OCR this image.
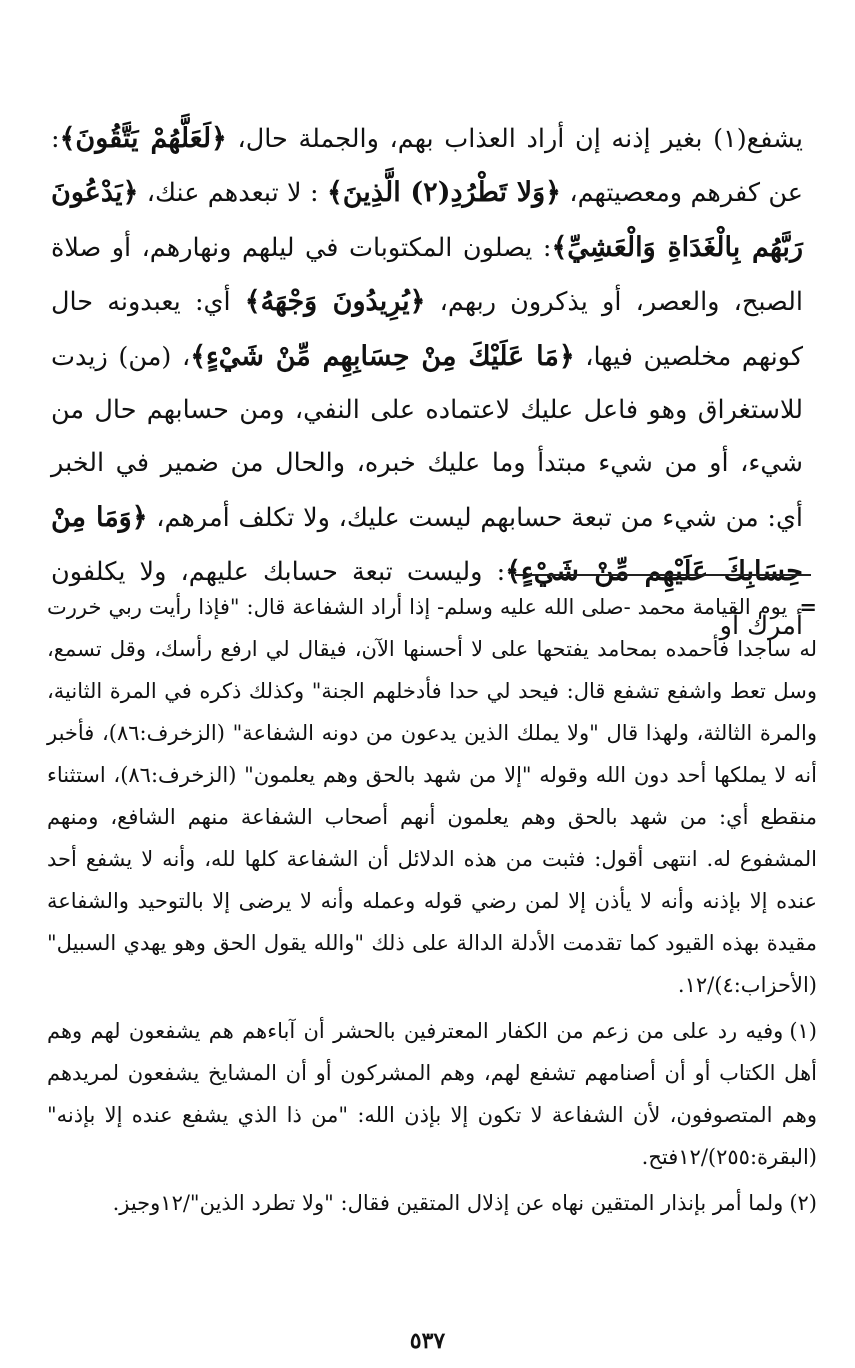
يشفع(١) بغير إذنه إن أراد العذاب بهم، والجملة حال، ﴿لَعَلَّهُمْ يَتَّقُونَ﴾: عن كفرهم ومعصيتهم، ﴿وَلا تَطْرُدِ(٢) الَّذِينَ﴾ : لا تبعدهم عنك، ﴿يَدْعُونَ رَبَّهُم بِالْغَدَاةِ وَالْعَشِيِّ﴾: يصلون المكتوبات في ليلهم ونهارهم، أو صلاة الصبح، والعصر، أو يذكرون ربهم، ﴿يُرِيدُونَ وَجْهَهُ﴾ أي: يعبدونه حال كونهم مخلصين فيها، ﴿مَا عَلَيْكَ مِنْ حِسَابِهِم مِّنْ شَيْءٍ﴾، (من) زيدت للاستغراق وهو فاعل عليك لاعتماده على النفي، ومن حسابهم حال من شيء، أو من شيء مبتدأ وما عليك خبره، والحال من ضمير في الخبر أي: من شيء من تبعة حسابهم ليست عليك، ولا تكلف أمرهم، ﴿وَمَا مِنْ حِسَابِكَ عَلَيْهِم مِّنْ شَيْءٍ﴾: وليست تبعة حسابك عليهم، ولا يكلفون أمرك أو

=يوم القيامة محمد -صلى الله عليه وسلم- إذا أراد الشفاعة قال: "فإذا رأيت ربي خررت له ساجدا فأحمده بمحامد يفتحها على لا أحسنها الآن، فيقال لي ارفع رأسك، وقل تسمع، وسل تعط واشفع تشفع قال: فيحد لي حدا فأدخلهم الجنة" وكذلك ذكره في المرة الثانية، والمرة الثالثة، ولهذا قال "ولا يملك الذين يدعون من دونه الشفاعة" (الزخرف:٨٦)، فأخبر أنه لا يملكها أحد دون الله وقوله "إلا من شهد بالحق وهم يعلمون" (الزخرف:٨٦)، استثناء منقطع أي: من شهد بالحق وهم يعلمون أنهم أصحاب الشفاعة منهم الشافع، ومنهم المشفوع له. انتهى أقول: فثبت من هذه الدلائل أن الشفاعة كلها لله، وأنه لا يشفع أحد عنده إلا بإذنه وأنه لا يأذن إلا لمن رضي قوله وعمله وأنه لا يرضى إلا بالتوحيد والشفاعة مقيدة بهذه القيود كما تقدمت الأدلة الدالة على ذلك "والله يقول الحق وهو يهدي السبيل" (الأحزاب:٤)/١٢.

(١)وفيه رد على من زعم من الكفار المعترفين بالحشر أن آباءهم هم يشفعون لهم وهم أهل الكتاب أو أن أصنامهم تشفع لهم، وهم المشركون أو أن المشايخ يشفعون لمريدهم وهم المتصوفون، لأن الشفاعة لا تكون إلا بإذن الله: "من ذا الذي يشفع عنده إلا بإذنه" (البقرة:٢٥٥)/١٢فتح.

(٢)ولما أمر بإنذار المتقين نهاه عن إذلال المتقين فقال: "ولا تطرد الذين"/١٢وجيز.

٥٣٧
